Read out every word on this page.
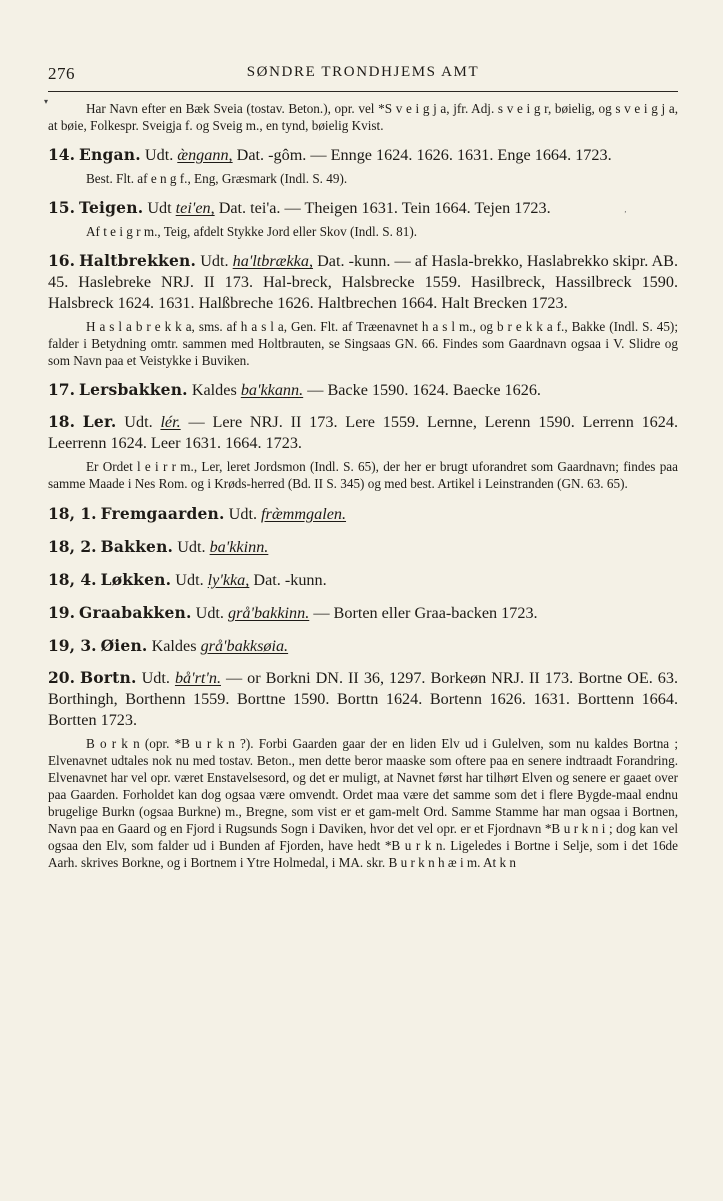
276	SØNDRE TRONDHJEMS AMT
▾
‚

Har Navn efter en Bæk Sveia (tostav. Beton.), opr. vel *S v e i g j a, jfr. Adj. s v e i g r, bøielig, og s v e i g j a, at bøie, Folkespr. Sveigja f. og Sveig m., en tynd, bøielig Kvist.

14. Engan. Udt. æ̀ngann, Dat. -gôm. — Ennge 1624. 1626. 1631. Enge 1664. 1723.

Best. Flt. af e n g f., Eng, Græsmark (Indl. S. 49).

15. Teigen. Udt tei'en, Dat. tei'a. — Theigen 1631. Tein 1664. Tejen 1723.

Af t e i g r m., Teig, afdelt Stykke Jord eller Skov (Indl. S. 81).

16. Haltbrekken. Udt. ha'ltbrækka, Dat. -kunn. — af Hasla-brekko, Haslabrekko skipr. AB. 45. Haslebreke NRJ. II 173. Hal-breck, Halsbrecke 1559. Hasilbreck, Hassilbreck 1590. Halsbreck 1624. 1631. Halßbreche 1626. Haltbrechen 1664. Halt Brecken 1723.

H a s l a b r e k k a, sms. af h a s l a, Gen. Flt. af Træenavnet h a s l m., og b r e k k a f., Bakke (Indl. S. 45); falder i Betydning omtr. sammen med Holtbrauten, se Singsaas GN. 66. Findes som Gaardnavn ogsaa i V. Slidre og som Navn paa et Veistykke i Buviken.

17. Lersbakken. Kaldes ba'kkann. — Backe 1590. 1624. Baecke 1626.

18. Ler. Udt. lér. — Lere NRJ. II 173. Lere 1559. Lernne, Lerenn 1590. Lerrenn 1624. Leerrenn 1624. Leer 1631. 1664. 1723.

Er Ordet l e i r r m., Ler, leret Jordsmon (Indl. S. 65), der her er brugt uforandret som Gaardnavn; findes paa samme Maade i Nes Rom. og i Krøds-herred (Bd. II S. 345) og med best. Artikel i Leinstranden (GN. 63. 65).

18, 1. Fremgaarden. Udt. fræ̀mmgalen.

18, 2. Bakken. Udt. ba'kkinn.

18, 4. Løkken. Udt. ly'kka, Dat. -kunn.

19. Graabakken. Udt. grå'bakkinn. — Borten eller Graa-backen 1723.

19, 3. Øien. Kaldes grå'bakksøia.

20. Bortn. Udt. bå'rt'n. — or Borkni DN. II 36, 1297. Borkeøn NRJ. II 173. Bortne OE. 63. Borthingh, Borthenn 1559. Borttne 1590. Borttn 1624. Bortenn 1626. 1631. Borttenn 1664. Bortten 1723.

B o r k n (opr. *B u r k n ?). Forbi Gaarden gaar der en liden Elv ud i Gulelven, som nu kaldes Bortna ; Elvenavnet udtales nok nu med tostav. Beton., men dette beror maaske som oftere paa en senere indtraadt Forandring. Elvenavnet har vel opr. været Enstavelsesord, og det er muligt, at Navnet først har tilhørt Elven og senere er gaaet over paa Gaarden. Forholdet kan dog ogsaa være omvendt. Ordet maa være det samme som det i flere Bygde-maal endnu brugelige Burkn (ogsaa Burkne) m., Bregne, som vist er et gam-melt Ord. Samme Stamme har man ogsaa i Bortnen, Navn paa en Gaard og en Fjord i Rugsunds Sogn i Daviken, hvor det vel opr. er et Fjordnavn *B u r k n i ; dog kan vel ogsaa den Elv, som falder ud i Bunden af Fjorden, have hedt *B u r k n. Ligeledes i Bortne i Selje, som i det 16de Aarh. skrives Borkne, og i Bortnem i Ytre Holmedal, i MA. skr. B u r k n h æ i m. At k n
